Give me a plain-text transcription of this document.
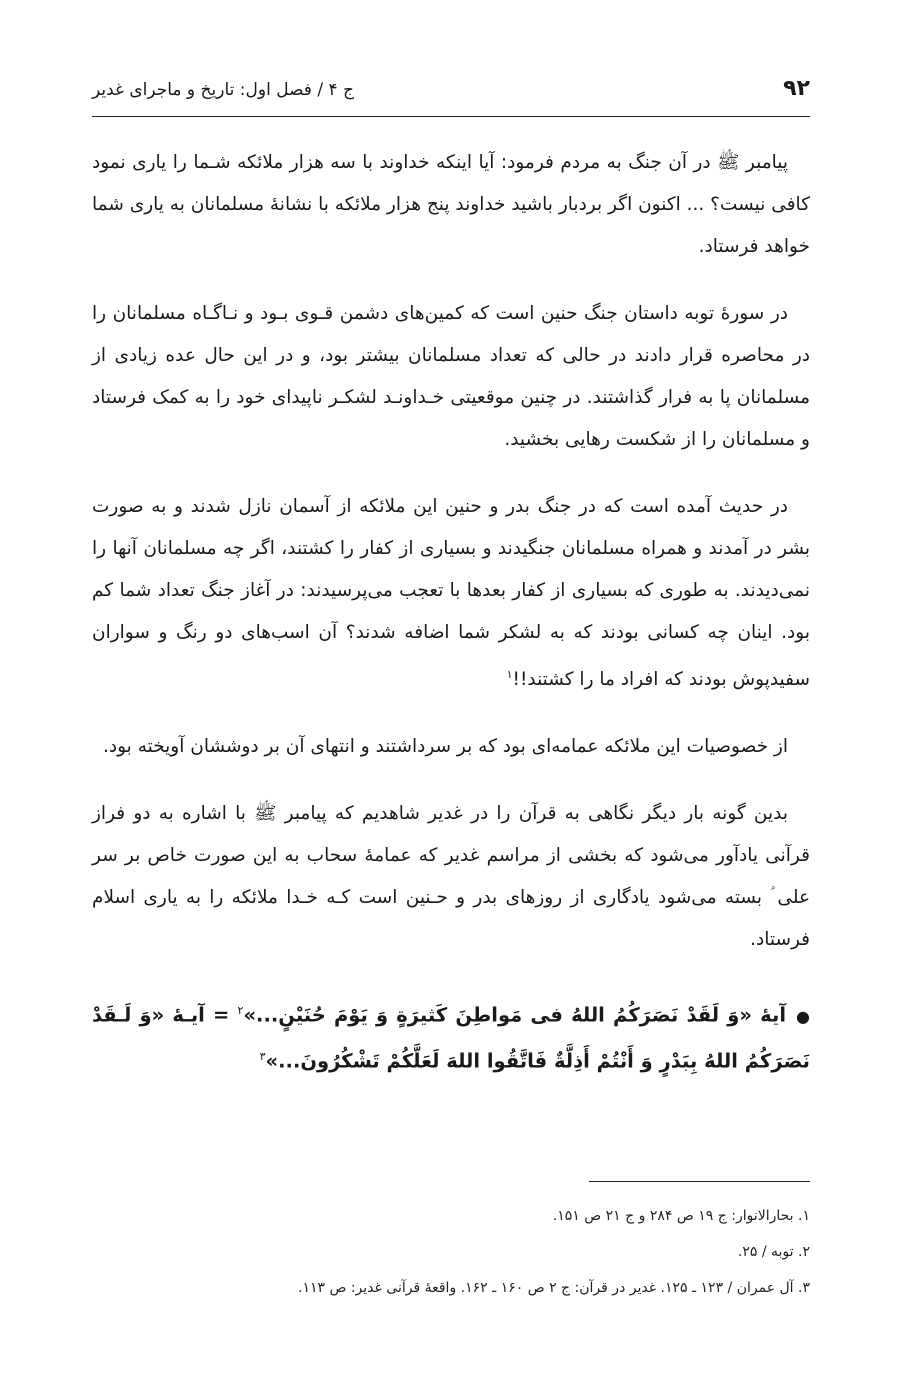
۹۲
ج ۴ / فصل اول: تاریخ و ماجرای غدیر

پیامبر ﷺ در آن جنگ به مردم فرمود: آیا اینکه خداوند با سه هزار ملائکه شـما را یاری نمود کافی نیست؟ ... اکنون اگر بردبار باشید خداوند پنج هزار ملائکه با نشانهٔ مسلمانان به یاری شما خواهد فرستاد.

در سورهٔ توبه داستان جنگ حنین است که کمین‌های دشمن قـوی بـود و نـاگـاه مسلمانان را در محاصره قرار دادند در حالی که تعداد مسلمانان بیشتر بود، و در این حال عده زیادی از مسلمانان پا به فرار گذاشتند. در چنین موقعیتی خـداونـد لشکـر ناپیدای خود را به کمک فرستاد و مسلمانان را از شکست رهایی بخشید.

در حدیث آمده است که در جنگ بدر و حنین این ملائکه از آسمان نازل شدند و به صورت بشر در آمدند و همراه مسلمانان جنگیدند و بسیاری از کفار را کشتند، اگر چه مسلمانان آنها را نمی‌دیدند. به طوری که بسیاری از کفار بعدها با تعجب می‌پرسیدند: در آغاز جنگ تعداد شما کم بود. اینان چه کسانی بودند که به لشکر شما اضافه شدند؟ آن اسب‌های دو رنگ و سواران سفیدپوش بودند که افراد ما را کشتند!!$^۱$

از خصوصیات این ملائکه عمامه‌ای بود که بر سرداشتند و انتهای آن بر دوششان آویخته بود.

بدین گونه بار دیگر نگاهی به قرآن را در غدیر شاهدیم که پیامبر ﷺ با اشاره به دو فراز قرآنی یادآور می‌شود که بخشی از مراسم غدیر که عمامهٔ سحاب به این صورت خاص بر سر علی ؑ بسته می‌شود یادگاری از روزهای بدر و حـنین است کـه خـدا ملائکه را به یاری اسلام فرستاد.

●آیهٔ «وَ لَقَدْ نَصَرَکُمُ اللهُ فی مَواطِنَ کَثیرَةٍ وَ یَوْمَ حُنَیْنٍ...»$^۲$ = آیـهٔ «وَ لَـقَدْ نَصَرَکُمُ اللهُ بِبَدْرٍ وَ أَنْتُمْ أَذِلَّةٌ فَاتَّقُوا اللهَ لَعَلَّکُمْ تَشْکُرُونَ...»$^۳$

۱. بحارالانوار: ج ۱۹ ص ۲۸۴ و ج ۲۱ ص ۱۵۱.

۲. توبه / ۲۵.

۳. آل عمران / ۱۲۳ ـ ۱۲۵. غدیر در قرآن: ج ۲ ص ۱۶۰ ـ ۱۶۲. واقعهٔ قرآنی غدیر: ص ۱۱۳.
